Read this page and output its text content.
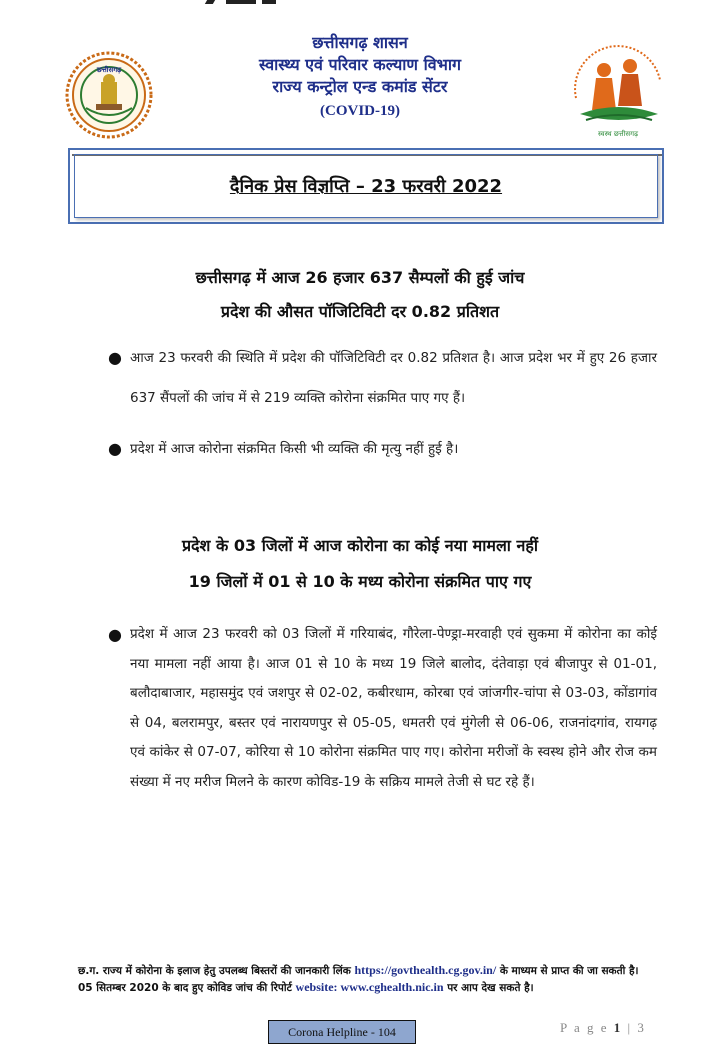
छत्तीसगढ़
छत्तीसगढ़ शासन
स्वास्थ्य एवं परिवार कल्याण विभाग
राज्य कन्ट्रोल एन्ड कमांड सेंटर
(COVID-19)
स्वस्थ छत्तीसगढ़
दैनिक प्रेस विज्ञप्ति – 23 फरवरी 2022
छत्तीसगढ़ में आज 26 हजार 637 सैम्पलों की हुई जांच
प्रदेश की औसत पॉजिटिविटी दर 0.82 प्रतिशत
● आज 23 फरवरी की स्थिति में प्रदेश की पॉजिटिविटी दर 0.82 प्रतिशत है। आज प्रदेश भर में हुए 26 हजार 637 सैंपलों की जांच में से 219 व्यक्ति कोरोना संक्रमित पाए गए हैं।
● प्रदेश में आज कोरोना संक्रमित किसी भी व्यक्ति की मृत्यु नहीं हुई है।
प्रदेश के 03 जिलों में आज कोरोना का कोई नया मामला नहीं
19 जिलों में 01 से 10 के मध्य कोरोना संक्रमित पाए गए
● प्रदेश में आज 23 फरवरी को 03 जिलों में गरियाबंद, गौरेला-पेण्ड्रा-मरवाही एवं सुकमा में कोरोना का कोई नया मामला नहीं आया है। आज 01 से 10 के मध्य 19 जिले बालोद, दंतेवाड़ा एवं बीजापुर से 01-01, बलौदाबाजार, महासमुंद एवं जशपुर से 02-02, कबीरधाम, कोरबा एवं जांजगीर-चांपा से 03-03, कोंडागांव से 04, बलरामपुर, बस्तर एवं नारायणपुर से 05-05, धमतरी एवं मुंगेली से 06-06, राजनांदगांव, रायगढ़ एवं कांकेर से 07-07, कोरिया से 10 कोरोना संक्रमित पाए गए। कोरोना मरीजों के स्वस्थ होने और रोज कम संख्या में नए मरीज मिलने के कारण कोविड-19 के सक्रिय मामले तेजी से घट रहे हैं।
छ.ग. राज्य में कोरोना के इलाज हेतु उपलब्ध बिस्तरों की जानकारी लिंक https://govthealth.cg.gov.in/ के माध्यम से प्राप्त की जा सकती है।
05 सितम्बर 2020 के बाद हुए कोविड जांच की रिपोर्ट website: www.cghealth.nic.in पर आप देख सकते है।
Corona Helpline - 104	P a g e 1 | 3
